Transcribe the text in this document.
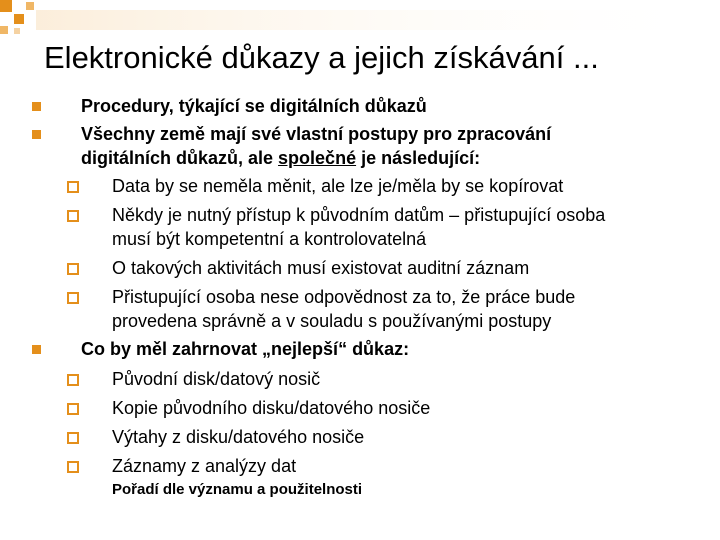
Elektronické důkazy a jejich získávání ...
Procedury, týkající se digitálních důkazů
Všechny země mají své vlastní postupy pro zpracování
digitálních důkazů, ale společné je následující:
Data by se neměla měnit, ale lze je/měla by se kopírovat
Někdy je nutný přístup k původním datům – přistupující osoba
musí být kompetentní a kontrolovatelná
O takových aktivitách musí existovat auditní záznam
Přistupující osoba nese odpovědnost za to, že práce bude
provedena správně a v souladu s používanými postupy
Co by měl zahrnovat „nejlepší“ důkaz:
Původní disk/datový nosič
Kopie původního disku/datového nosiče
Výtahy z disku/datového nosiče
Záznamy z analýzy dat
Pořadí dle významu a použitelnosti
